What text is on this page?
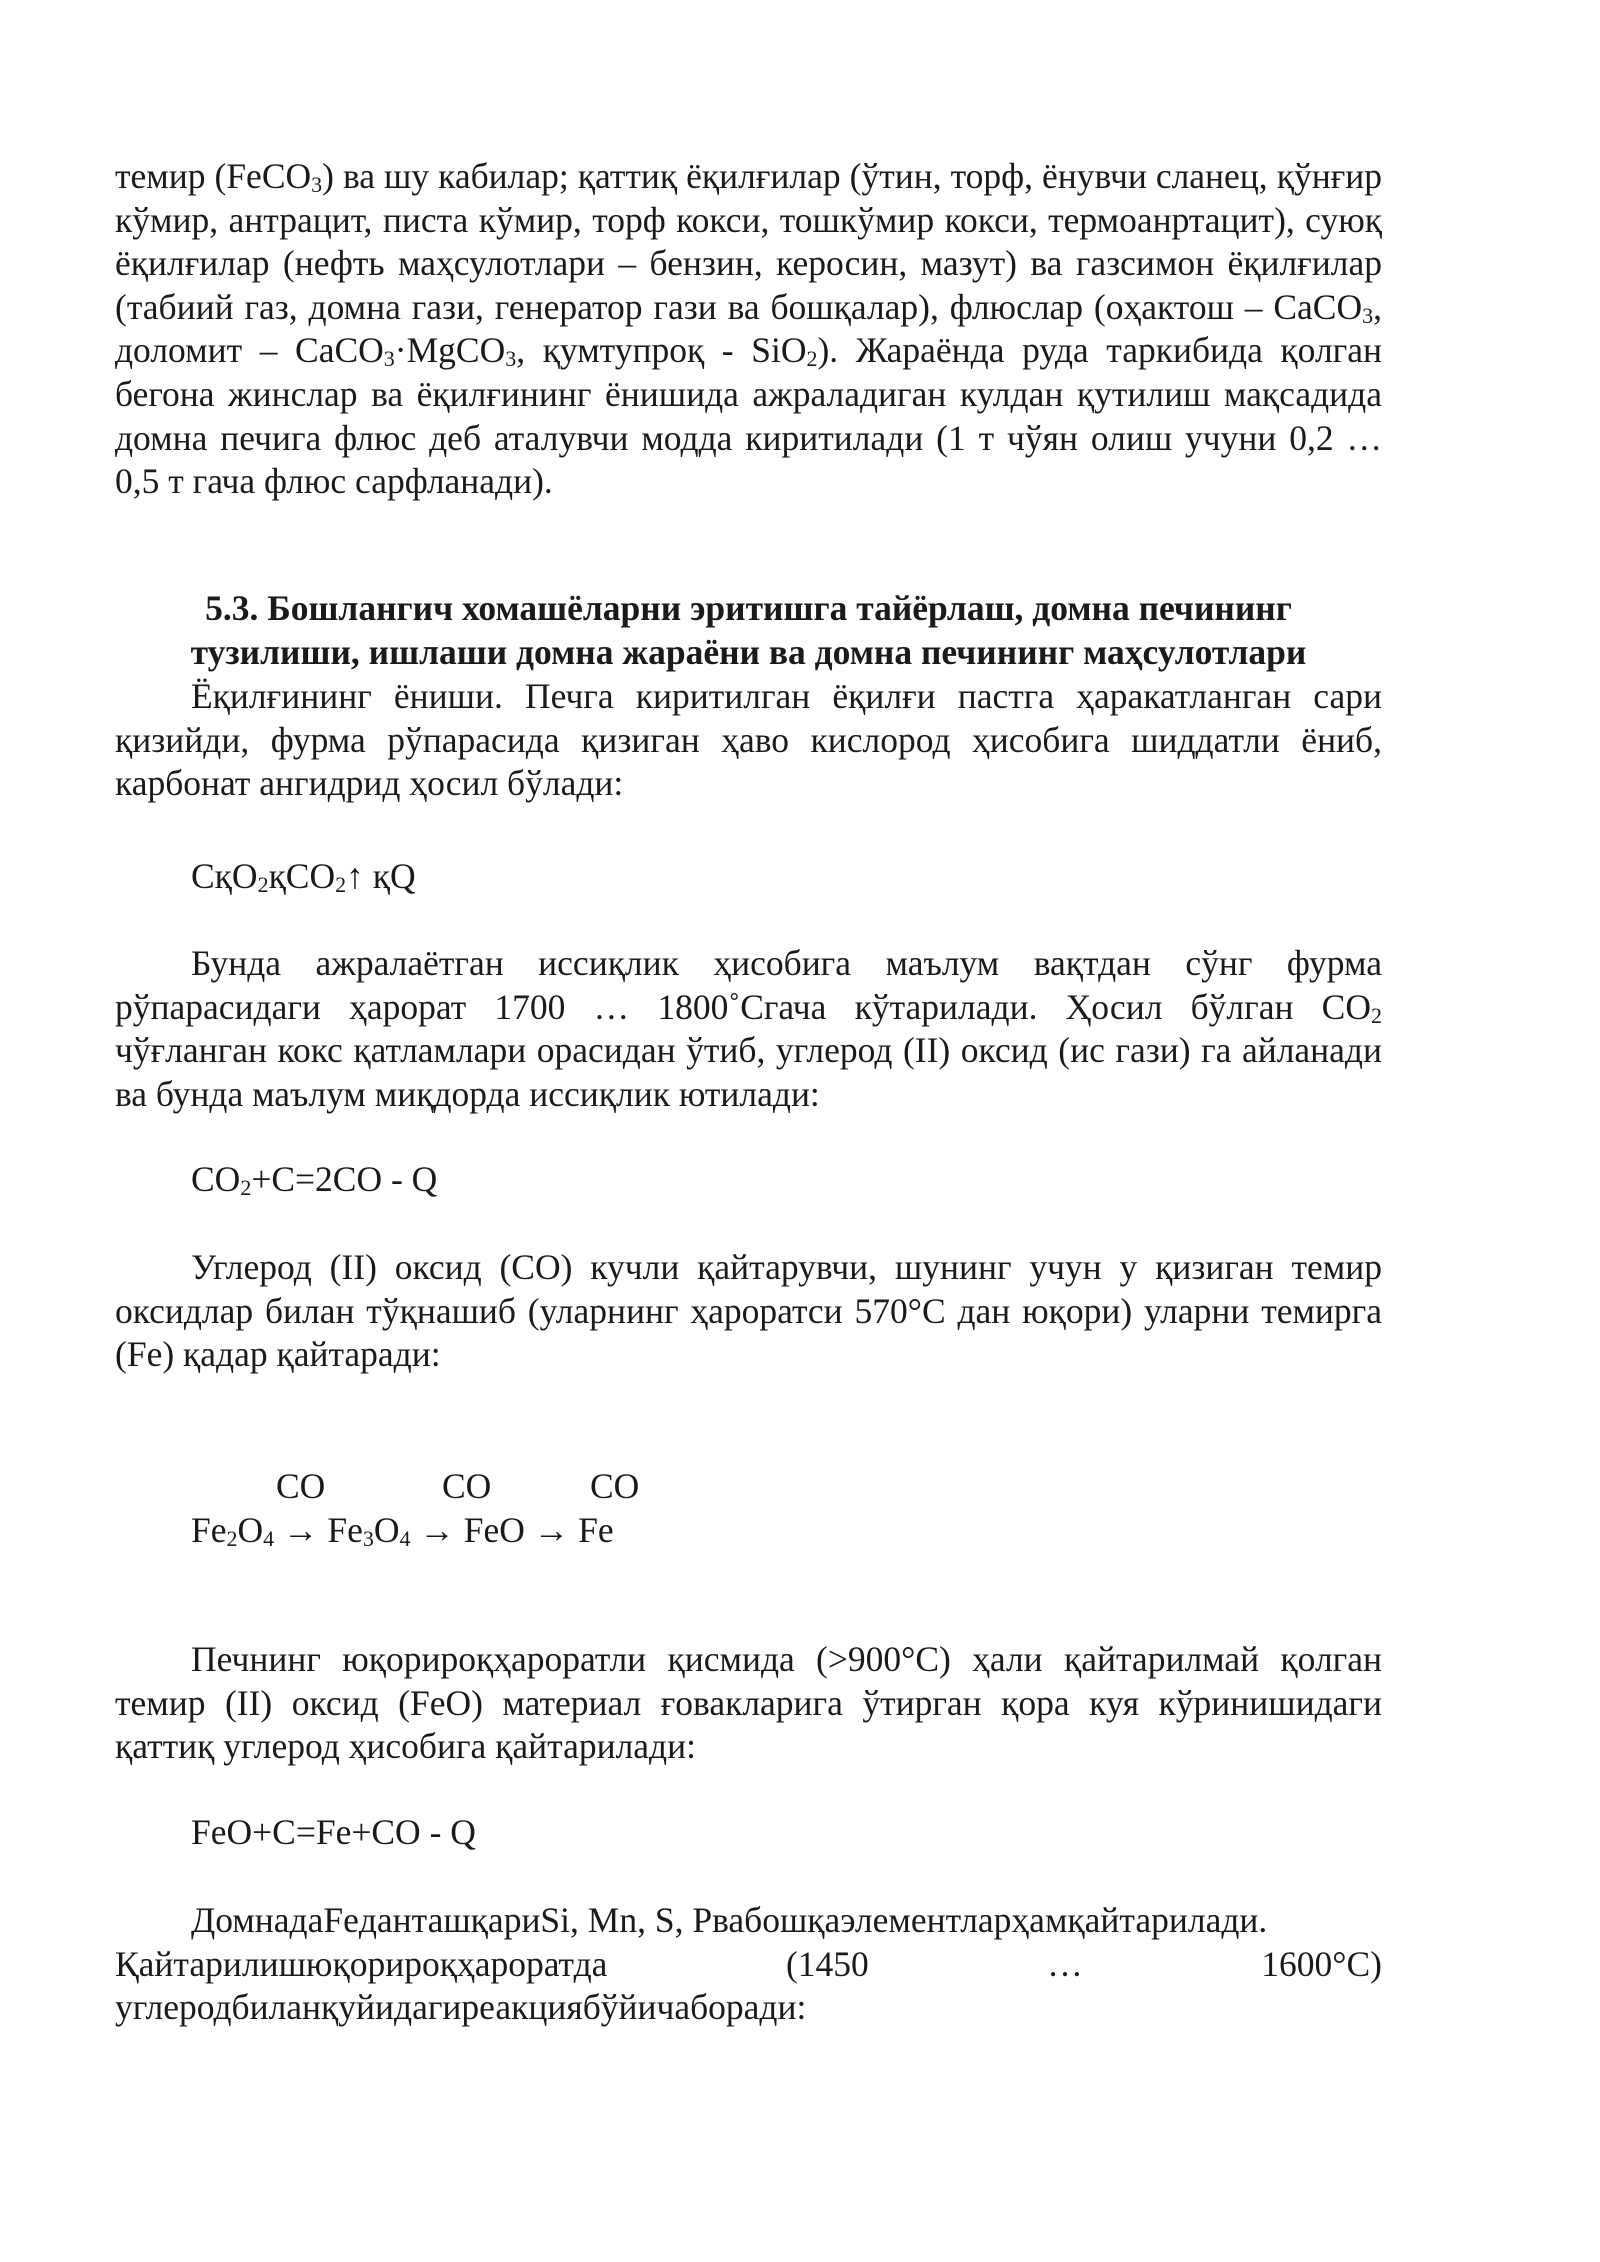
темир (FeCO$_3$) ва шу кабилар; қаттиқ ёқилғилар (ўтин, торф, ёнувчи сланец, қўнғир кўмир, антрацит, писта кўмир, торф кокси, тошкўмир кокси, термоанртацит), суюқ ёқилғилар (нефть маҳсулотлари – бензин, керосин, мазут) ва газсимон ёқилғилар (табиий газ, домна гази, генератор гази ва бошқалар), флюслар (оҳактош – CaCO$_3$, доломит – CaCO$_3$·MgCO$_3$, қумтупроқ - SiO$_2$). Жараёнда руда таркибида қолган бегона жинслар ва ёқилғининг ёнишида ажраладиган кулдан қутилиш мақсадида домна печига флюс деб аталувчи модда киритилади (1 т чўян олиш учуни 0,2 … 0,5 т гача флюс сарфланади).

5.3. Бошлангич хомашёларни эритишга тайёрлаш, домна печининг

тузилиши, ишлаши домна жараёни ва домна печининг маҳсулотлари

Ёқилғининг ёниши. Печга киритилган ёқилғи пастга ҳаракатланган сари қизийди, фурма рўпарасида қизиган ҳаво кислород ҳисобига шиддатли ёниб, карбонат ангидрид ҳосил бўлади:

СқО$_2$қСО$_2$↑ қQ

Бунда ажралаётган иссиқлик ҳисобига маълум вақтдан сўнг фурма рўпарасидаги ҳарорат 1700 … 1800˚Сгача кўтарилади. Ҳосил бўлган $CO_2$ чўғланган кокс қатламлари орасидан ўтиб, углерод (II) оксид (ис гази) га айланади ва бунда маълум миқдорда иссиқлик ютилади:

$CO_2+C=2CO - Q$

Углерод (II) оксид (CO) кучли қайтарувчи, шунинг учун у қизиган темир оксидлар билан тўқнашиб (уларнинг ҳароратси 570°С дан юқори) уларни темирга (Fe) қадар қайтаради:

CO	CO	CO

$Fe_2O_4 \to Fe_3O_4$ → FeO → Fe

Печнинг юқорироқҳароратли қисмида (>900°С) ҳали қайтарилмай қолган темир (II) оксид (FeO) материал ғовакларига ўтирган қора куя кўринишидаги қаттиқ углерод ҳисобига қайтарилади:

FeO+C=Fe+CO - Q

ДомнадаFeданташқариSi, Mn, S, Рвабошқаэлементларҳамқайтарилади.

Қайтарилишюқорироқҳароратда	(1450	…	1600°С)

углеродбиланқуйидагиреакциябўйичаборади:
